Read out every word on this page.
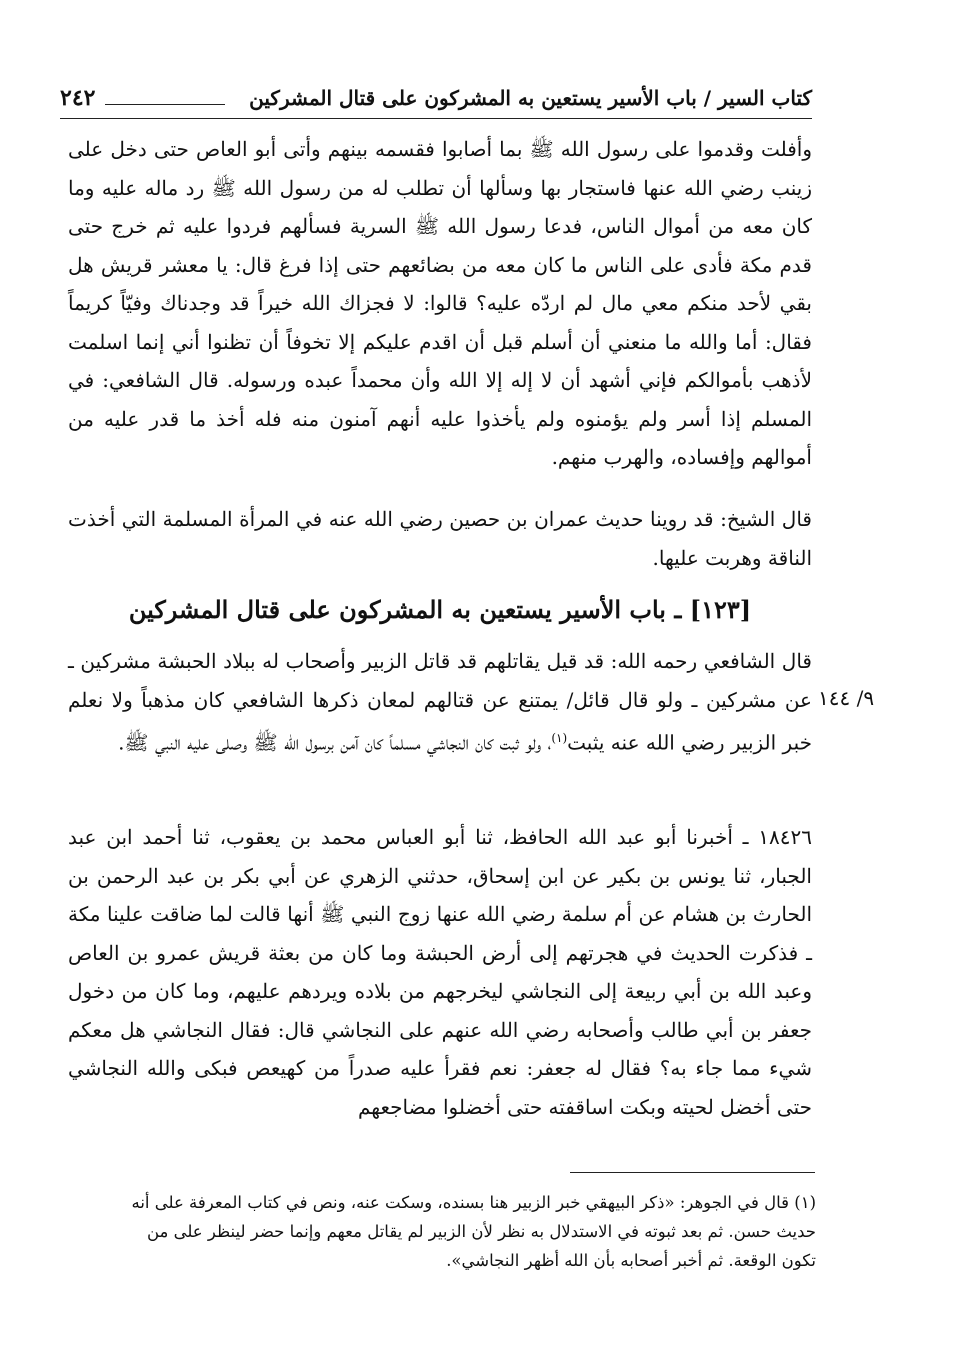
كتاب السير / باب الأسير يستعين به المشركون على قتال المشركين
٢٤٢
وأفلت وقدموا على رسول الله ﷺ بما أصابوا فقسمه بينهم وأتى أبو العاص حتى دخل على زينب رضي الله عنها فاستجار بها وسألها أن تطلب له من رسول الله ﷺ رد ماله عليه وما كان معه من أموال الناس، فدعا رسول الله ﷺ السرية فسألهم فردوا عليه ثم خرج حتى قدم مكة فأدى على الناس ما كان معه من بضائعهم حتى إذا فرغ قال: يا معشر قريش هل بقي لأحد منكم معي مال لم اردّه عليه؟ قالوا: لا فجزاك الله خيراً قد وجدناك وفيّاً كريماً فقال: أما والله ما منعني أن أسلم قبل أن اقدم عليكم إلا تخوفاً أن تظنوا أني إنما اسلمت لأذهب بأموالكم فإني أشهد أن لا إله إلا الله وأن محمداً عبده ورسوله. قال الشافعي: في المسلم إذا أسر ولم يؤمنوه ولم يأخذوا عليه أنهم آمنون منه فله أخذ ما قدر عليه من أموالهم وإفساده، والهرب منهم.
قال الشيخ: قد روينا حديث عمران بن حصين رضي الله عنه في المرأة المسلمة التي أخذت الناقة وهربت عليها.
[١٢٣] ـ باب الأسير يستعين به المشركون على قتال المشركين
قال الشافعي رحمه الله: قد قيل يقاتلهم قد قاتل الزبير وأصحاب له ببلاد الحبشة مشركين ـ عن مشركين ـ ولو قال قائل/ يمتنع عن قتالهم لمعان ذكرها الشافعي كان مذهباً ولا نعلم خبر الزبير رضي الله عنه يثبت$^{(١)}$، ولو ثبت كان النجاشي مسلماً كان آمن برسول الله ﷺ وصلى عليه النبي ﷺ.
٩/ ١٤٤
١٨٤٢٦ ـ أخبرنا أبو عبد الله الحافظ، ثنا أبو العباس محمد بن يعقوب، ثنا أحمد ابن عبد الجبار، ثنا يونس بن بكير عن ابن إسحاق، حدثني الزهري عن أبي بكر بن عبد الرحمن بن الحارث بن هشام عن أم سلمة رضي الله عنها زوج النبي ﷺ أنها قالت لما ضاقت علينا مكة ـ فذكرت الحديث في هجرتهم إلى أرض الحبشة وما كان من بعثة قريش عمرو بن العاص وعبد الله بن أبي ربيعة إلى النجاشي ليخرجهم من بلاده ويردهم عليهم، وما كان من دخول جعفر بن أبي طالب وأصحابه رضي الله عنهم على النجاشي قال: فقال النجاشي هل معكم شيء مما جاء به؟ فقال له جعفر: نعم فقرأ عليه صدراً من كهيعص فبكى والله النجاشي حتى أخضل لحيته وبكت اساقفته حتى أخضلوا مضاجعهم
(١) قال في الجوهر: «ذكر البيهقي خبر الزبير هنا بسنده، وسكت عنه، ونص في كتاب المعرفة على أنه
حديث حسن. ثم بعد ثبوته في الاستدلال به نظر لأن الزبير لم يقاتل معهم وإنما حضر لينظر على من
تكون الوقعة. ثم أخبر أصحابه بأن الله أظهر النجاشي».
